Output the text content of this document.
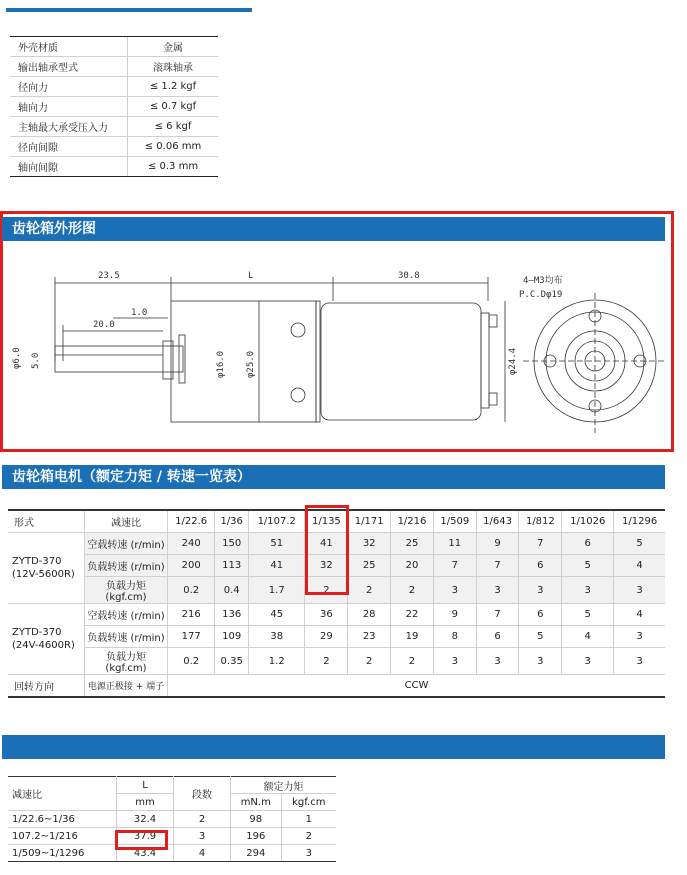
外壳材质	金属
输出轴承型式	滚珠轴承
径向力	≤ 1.2 kgf
轴向力	≤ 0.7 kgf
主轴最大承受压入力	≤ 6 kgf
径向间隙	≤ 0.06 mm
轴向间隙	≤ 0.3 mm
齿轮箱外形图
23.5	L	30.8
1.0
20.0
φ6.0 5.0	φ16.0 φ25.0	φ24.4
4—M3均布
P.C.Dφ19
齿轮箱电机（额定力矩 / 转速一览表）
形式	减速比	1/22.6	1/36	1/107.2	1/135	1/171	1/216	1/509	1/643	1/812	1/1026	1/1296

ZYTD-370
(12V-5600R)	空载转速 (r/min)	240	150	51	41	32	25	11	9	7	6	5
	负载转速 (r/min)	200	113	41	32	25	20	7	7	6	5	4
	负载力矩 (kgf.cm)	0.2	0.4	1.7	2	2	2	3	3	3	3	3

ZYTD-370
(24V-4600R)	空载转速 (r/min)	216	136	45	36	28	22	9	7	6	5	4
	负载转速 (r/min)	177	109	38	29	23	19	8	6	5	4	3
	负载力矩 (kgf.cm)	0.2	0.35	1.2	2	2	2	3	3	3	3	3
回转方向	电源正极接 + 端子	CCW										
减速比	L	段数	额定力矩	
	mm		mN.m	kgf.cm
1/22.6~1/36	32.4	2	98	1
107.2~1/216	37.9	3	196	2
1/509~1/1296	43.4	4	294	3
